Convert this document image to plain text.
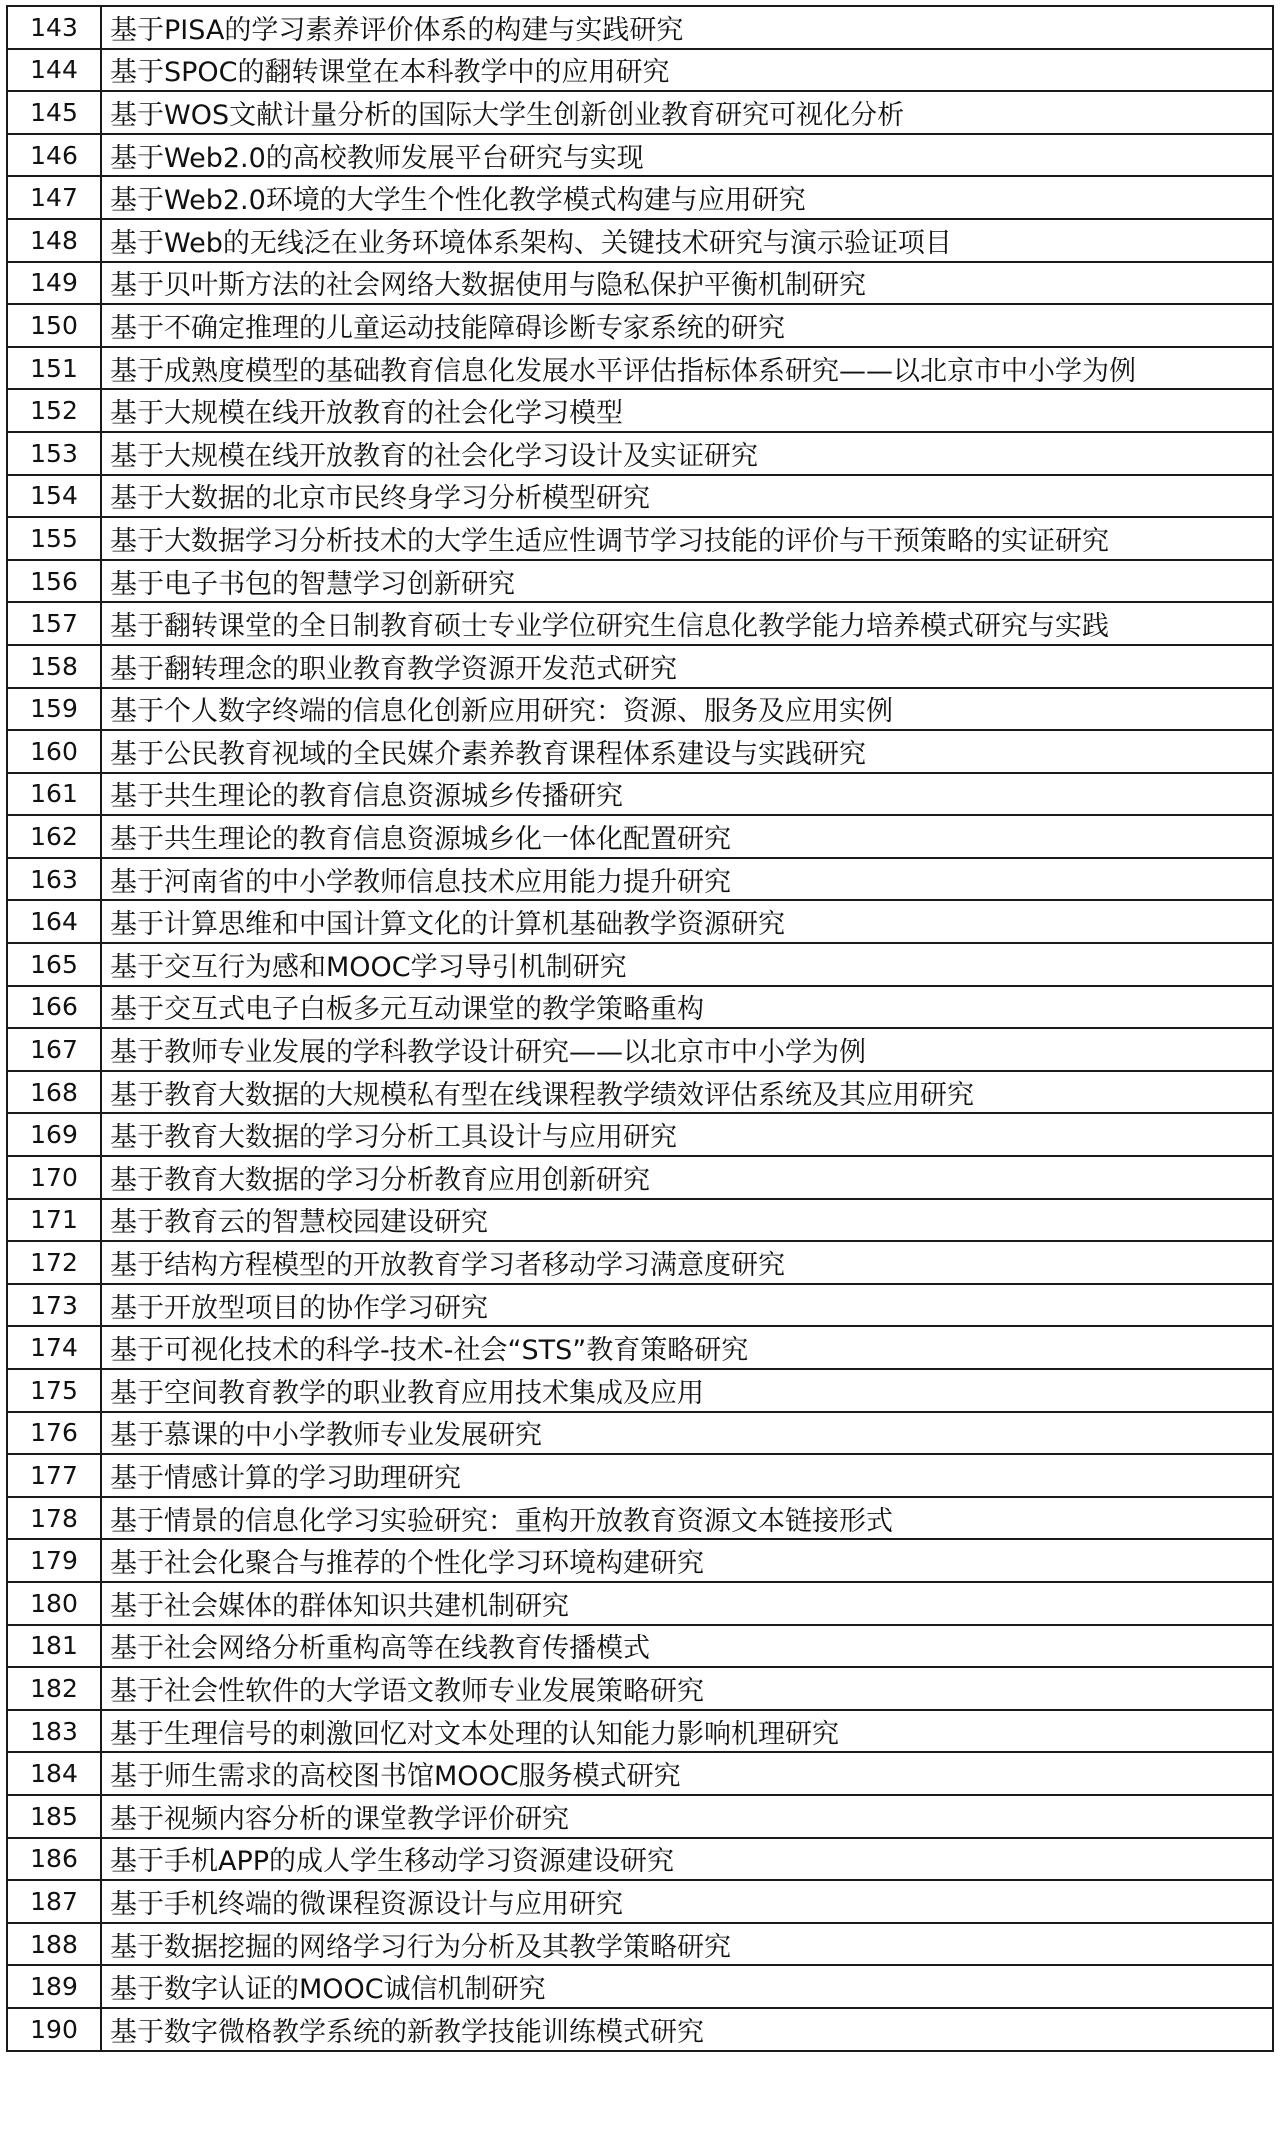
143	基于PISA的学习素养评价体系的构建与实践研究
144	基于SPOC的翻转课堂在本科教学中的应用研究
145	基于WOS文献计量分析的国际大学生创新创业教育研究可视化分析
146	基于Web2.0的高校教师发展平台研究与实现
147	基于Web2.0环境的大学生个性化教学模式构建与应用研究
148	基于Web的无线泛在业务环境体系架构、关键技术研究与演示验证项目
149	基于贝叶斯方法的社会网络大数据使用与隐私保护平衡机制研究
150	基于不确定推理的儿童运动技能障碍诊断专家系统的研究
151	基于成熟度模型的基础教育信息化发展水平评估指标体系研究——以北京市中小学为例
152	基于大规模在线开放教育的社会化学习模型
153	基于大规模在线开放教育的社会化学习设计及实证研究
154	基于大数据的北京市民终身学习分析模型研究
155	基于大数据学习分析技术的大学生适应性调节学习技能的评价与干预策略的实证研究
156	基于电子书包的智慧学习创新研究
157	基于翻转课堂的全日制教育硕士专业学位研究生信息化教学能力培养模式研究与实践
158	基于翻转理念的职业教育教学资源开发范式研究
159	基于个人数字终端的信息化创新应用研究：资源、服务及应用实例
160	基于公民教育视域的全民媒介素养教育课程体系建设与实践研究
161	基于共生理论的教育信息资源城乡传播研究
162	基于共生理论的教育信息资源城乡化一体化配置研究
163	基于河南省的中小学教师信息技术应用能力提升研究
164	基于计算思维和中国计算文化的计算机基础教学资源研究
165	基于交互行为感和MOOC学习导引机制研究
166	基于交互式电子白板多元互动课堂的教学策略重构
167	基于教师专业发展的学科教学设计研究——以北京市中小学为例
168	基于教育大数据的大规模私有型在线课程教学绩效评估系统及其应用研究
169	基于教育大数据的学习分析工具设计与应用研究
170	基于教育大数据的学习分析教育应用创新研究
171	基于教育云的智慧校园建设研究
172	基于结构方程模型的开放教育学习者移动学习满意度研究
173	基于开放型项目的协作学习研究
174	基于可视化技术的科学-技术-社会“STS”教育策略研究
175	基于空间教育教学的职业教育应用技术集成及应用
176	基于慕课的中小学教师专业发展研究
177	基于情感计算的学习助理研究
178	基于情景的信息化学习实验研究：重构开放教育资源文本链接形式
179	基于社会化聚合与推荐的个性化学习环境构建研究
180	基于社会媒体的群体知识共建机制研究
181	基于社会网络分析重构高等在线教育传播模式
182	基于社会性软件的大学语文教师专业发展策略研究
183	基于生理信号的刺激回忆对文本处理的认知能力影响机理研究
184	基于师生需求的高校图书馆MOOC服务模式研究
185	基于视频内容分析的课堂教学评价研究
186	基于手机APP的成人学生移动学习资源建设研究
187	基于手机终端的微课程资源设计与应用研究
188	基于数据挖掘的网络学习行为分析及其教学策略研究
189	基于数字认证的MOOC诚信机制研究
190	基于数字微格教学系统的新教学技能训练模式研究
